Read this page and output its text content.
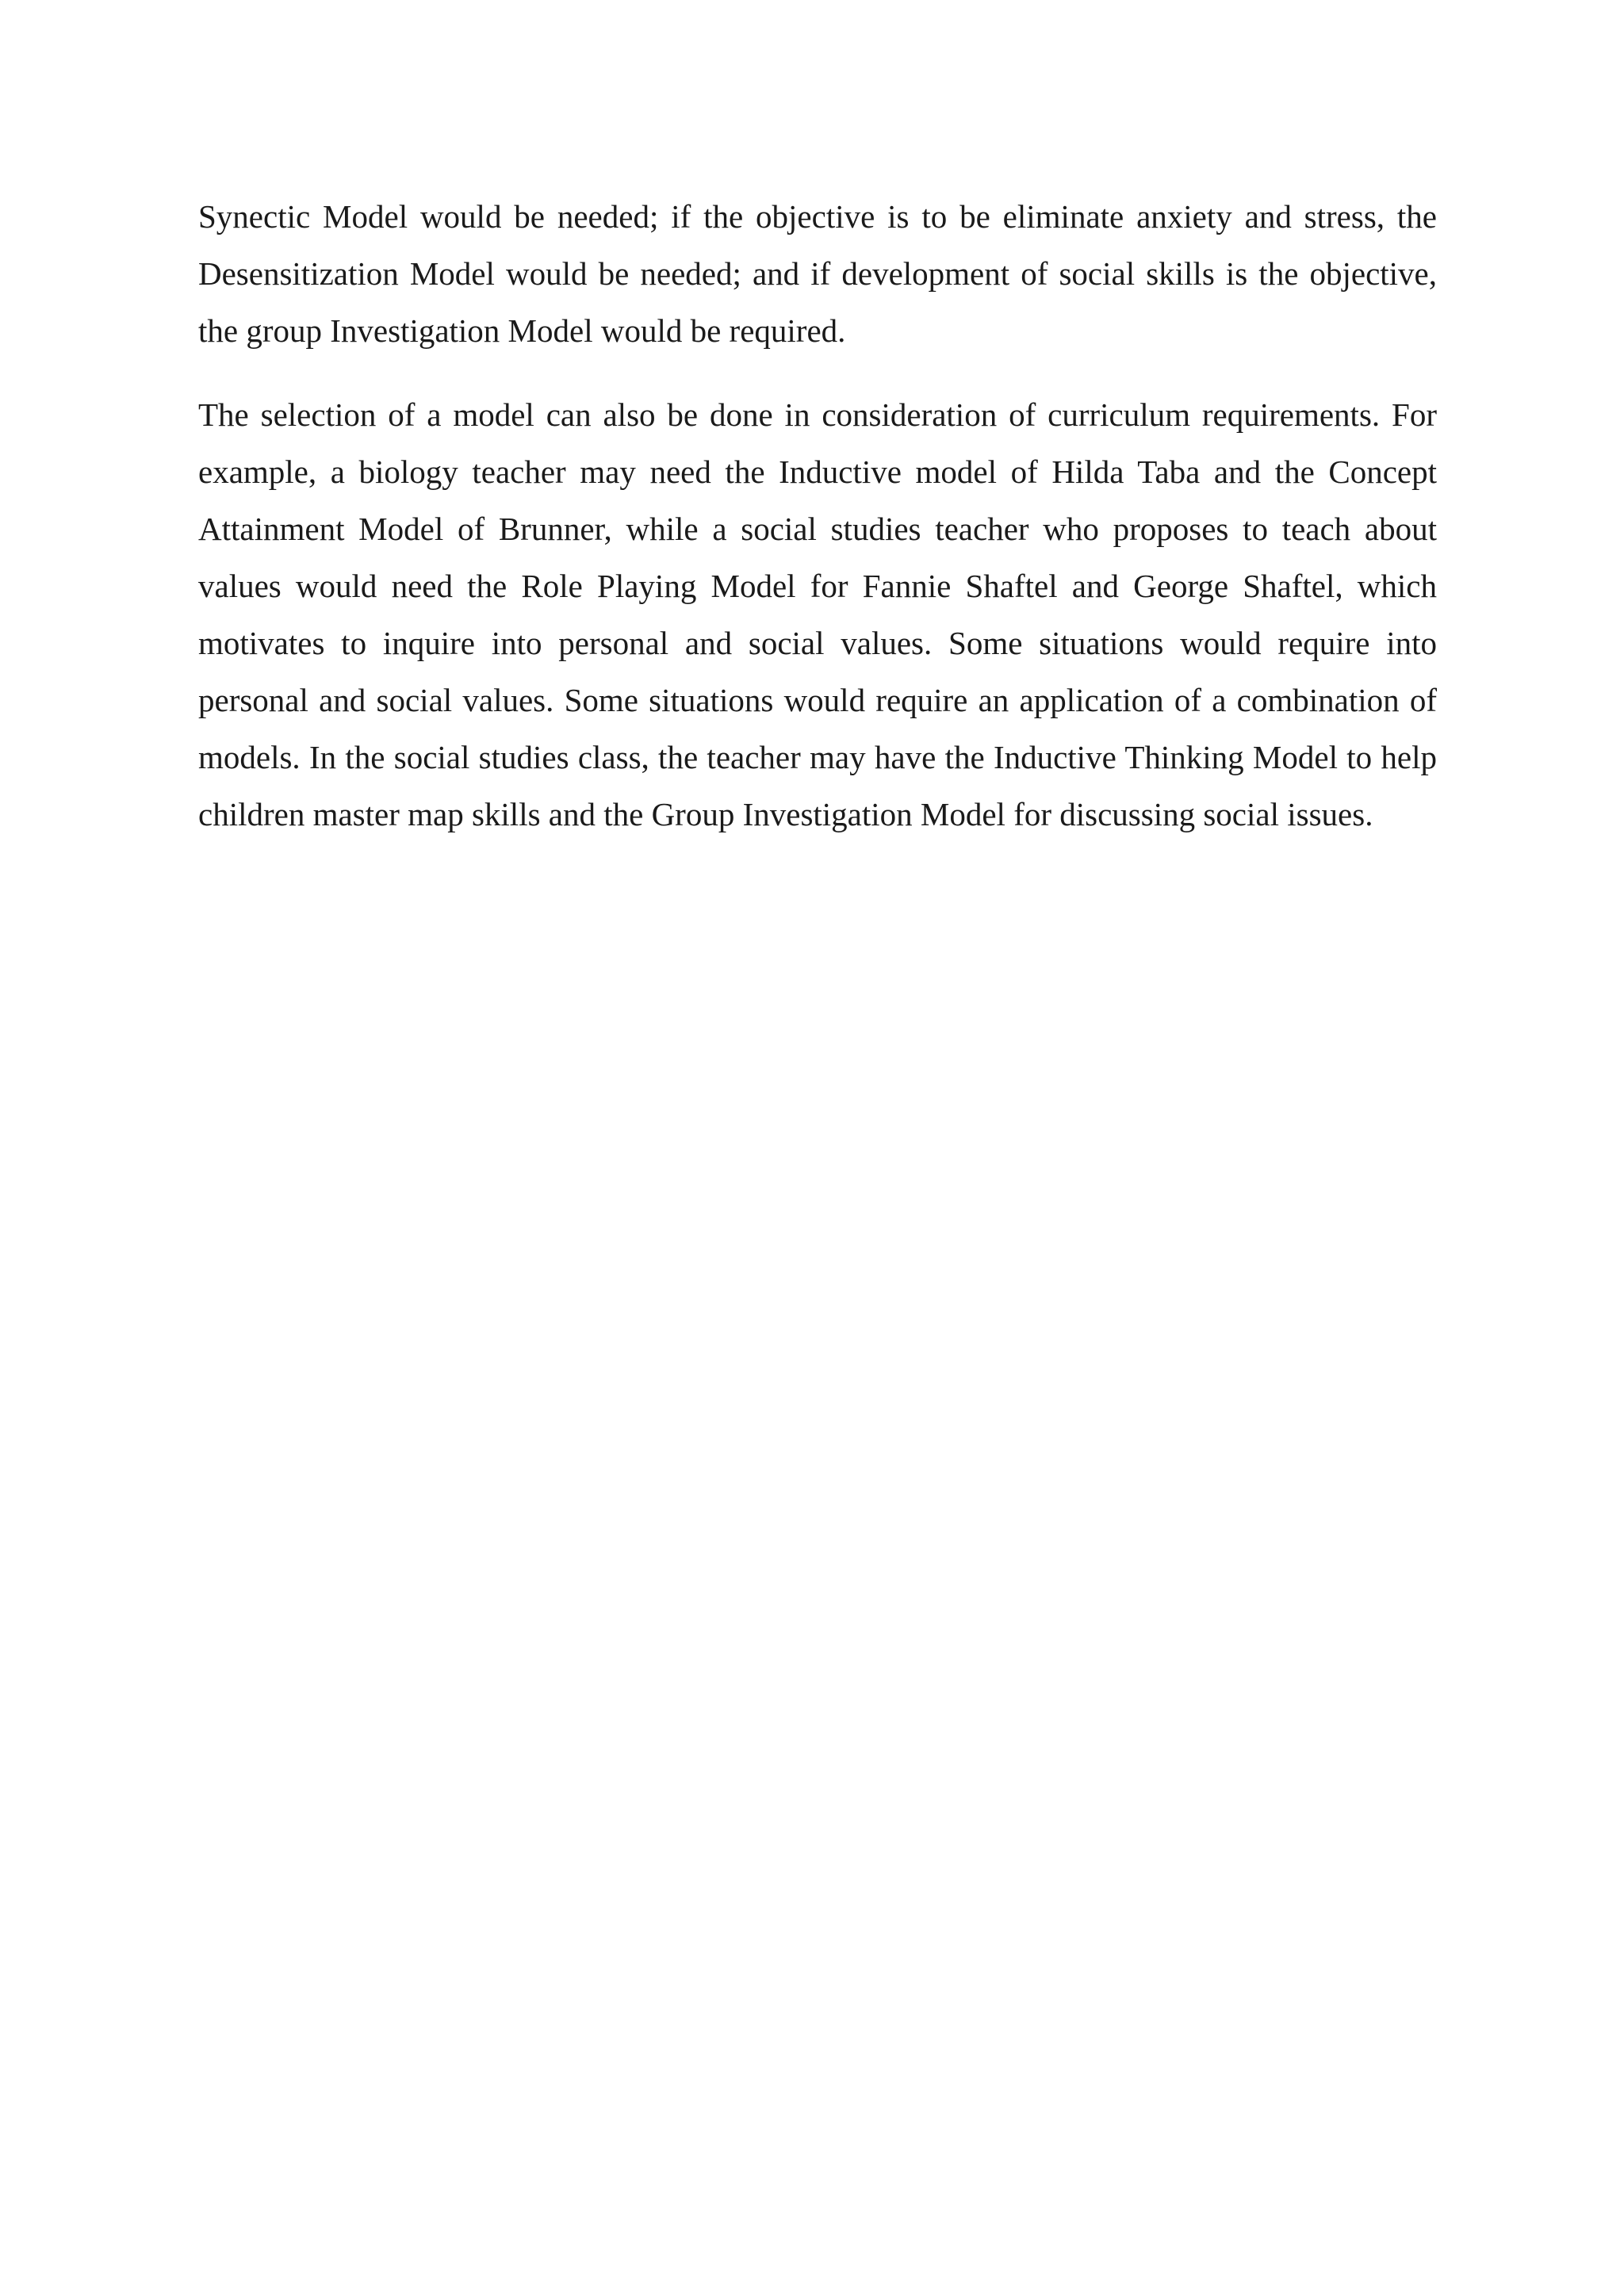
Synectic Model would be needed; if the objective is to be eliminate anxiety and stress, the Desensitization Model would be needed; and if development of social skills is the objective, the group Investigation Model would be required.

The selection of a model can also be done in consideration of curriculum requirements. For example, a biology teacher may need the Inductive model of Hilda Taba and the Concept Attainment Model of Brunner, while a social studies teacher who proposes to teach about values would need the Role Playing Model for Fannie Shaftel and George Shaftel, which motivates to inquire into personal and social values. Some situations would require into personal and social values. Some situations would require an application of a combination of models. In the social studies class, the teacher may have the Inductive Thinking Model to help children master map skills and the Group Investigation Model for discussing social issues.
